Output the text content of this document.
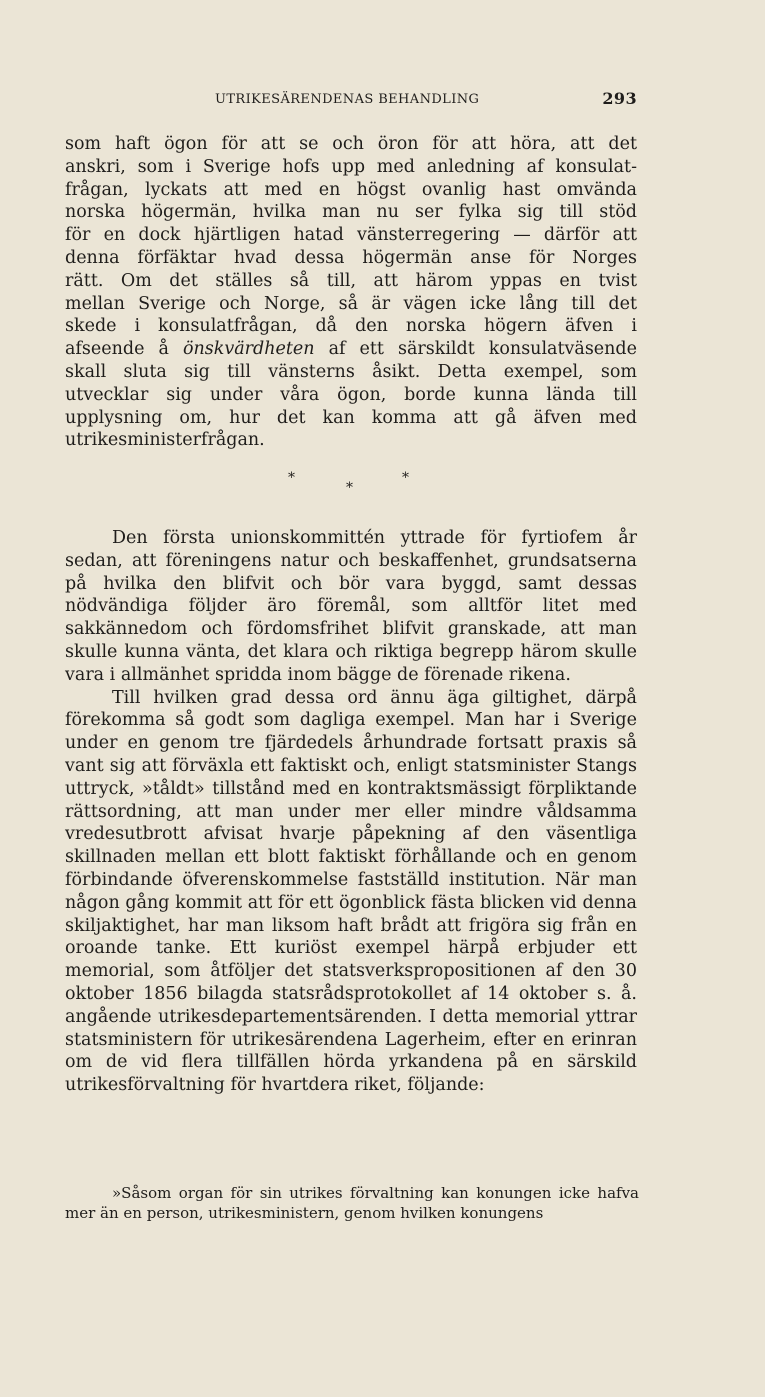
UTRIKESÄRENDENAS BEHANDLING	293
som haft ögon för att se och öron för att höra, att det
anskri, som i Sverige hofs upp med anledning af konsulat-
frågan, lyckats att med en högst ovanlig hast omvända
norska högermän, hvilka man nu ser fylka sig till stöd
för en dock hjärtligen hatad vänsterregering — därför att
denna förfäktar hvad dessa högermän anse för Norges
rätt. Om det ställes så till, att härom yppas en tvist
mellan Sverige och Norge, så är vägen icke lång till det
skede i konsulatfrågan, då den norska högern äfven i
afseende å önskvärdheten af ett särskildt konsulatväsende
skall sluta sig till vänsterns åsikt. Detta exempel, som
utvecklar sig under våra ögon, borde kunna lända till
upplysning om, hur det kan komma att gå äfven med
utrikesministerfrågan.
*
*
*

Den första unionskommittén yttrade för fyrtiofem år sedan, att föreningens natur och beskaffenhet, grundsatserna på hvilka den blifvit och bör vara byggd, samt dessas nödvändiga följder äro föremål, som alltför litet med sakkännedom och fördomsfrihet blifvit granskade, att man skulle kunna vänta, det klara och riktiga begrepp härom skulle vara i allmänhet spridda inom bägge de förenade rikena.

Till hvilken grad dessa ord ännu äga giltighet, därpå förekomma så godt som dagliga exempel. Man har i Sverige under en genom tre fjärdedels århundrade fortsatt praxis så vant sig att förväxla ett faktiskt och, enligt statsminister Stangs uttryck, »tåldt» tillstånd med en kontraktsmässigt förpliktande rättsordning, att man under mer eller mindre våldsamma vredesutbrott afvisat hvarje påpekning af den väsentliga skillnaden mellan ett blott faktiskt förhållande och en genom förbindande öfverenskommelse fastställd institution. När man någon gång kommit att för ett ögonblick fästa blicken vid denna skiljaktighet, har man liksom haft brådt att frigöra sig från en oroande tanke. Ett kuriöst exempel härpå erbjuder ett memorial, som åtföljer det statsverkspropositionen af den 30 oktober 1856 bilagda statsrådsprotokollet af 14 oktober s. å. angående utrikesdepartementsärenden. I detta memorial yttrar statsministern för utrikesärendena Lagerheim, efter en erinran om de vid flera tillfällen hörda yrkandena på en särskild utrikesförvaltning för hvartdera riket, följande:

»Såsom organ för sin utrikes förvaltning kan konungen icke hafva mer än en person, utrikesministern, genom hvilken konungens
